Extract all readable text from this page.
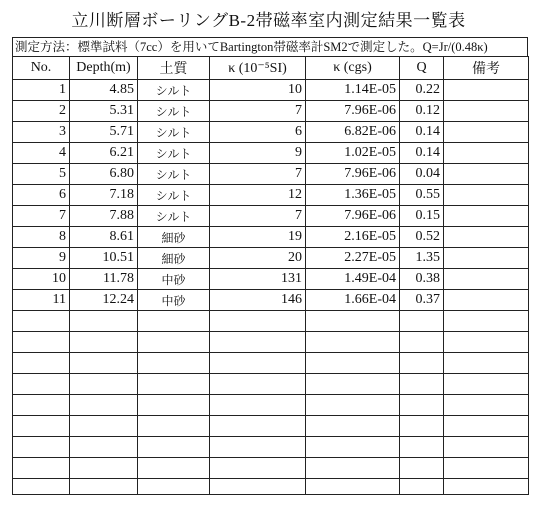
立川断層ボーリングB-2帯磁率室内測定結果一覧表
測定方法：標準試料（7cc）を用いてBartington帯磁率計SM2で測定した。Q=Jr/(0.48κ)
No.	Depth(m)	土質	κ (10⁻⁵SI)	κ (cgs)	Q	備考
1	4.85	シルト	10	1.14E-05	0.22	
2	5.31	シルト	7	7.96E-06	0.12	
3	5.71	シルト	6	6.82E-06	0.14	
4	6.21	シルト	9	1.02E-05	0.14	
5	6.80	シルト	7	7.96E-06	0.04	
6	7.18	シルト	12	1.36E-05	0.55	
7	7.88	シルト	7	7.96E-06	0.15	
8	8.61	細砂	19	2.16E-05	0.52	
9	10.51	細砂	20	2.27E-05	1.35	
10	11.78	中砂	131	1.49E-04	0.38	
11	12.24	中砂	146	1.66E-04	0.37	
